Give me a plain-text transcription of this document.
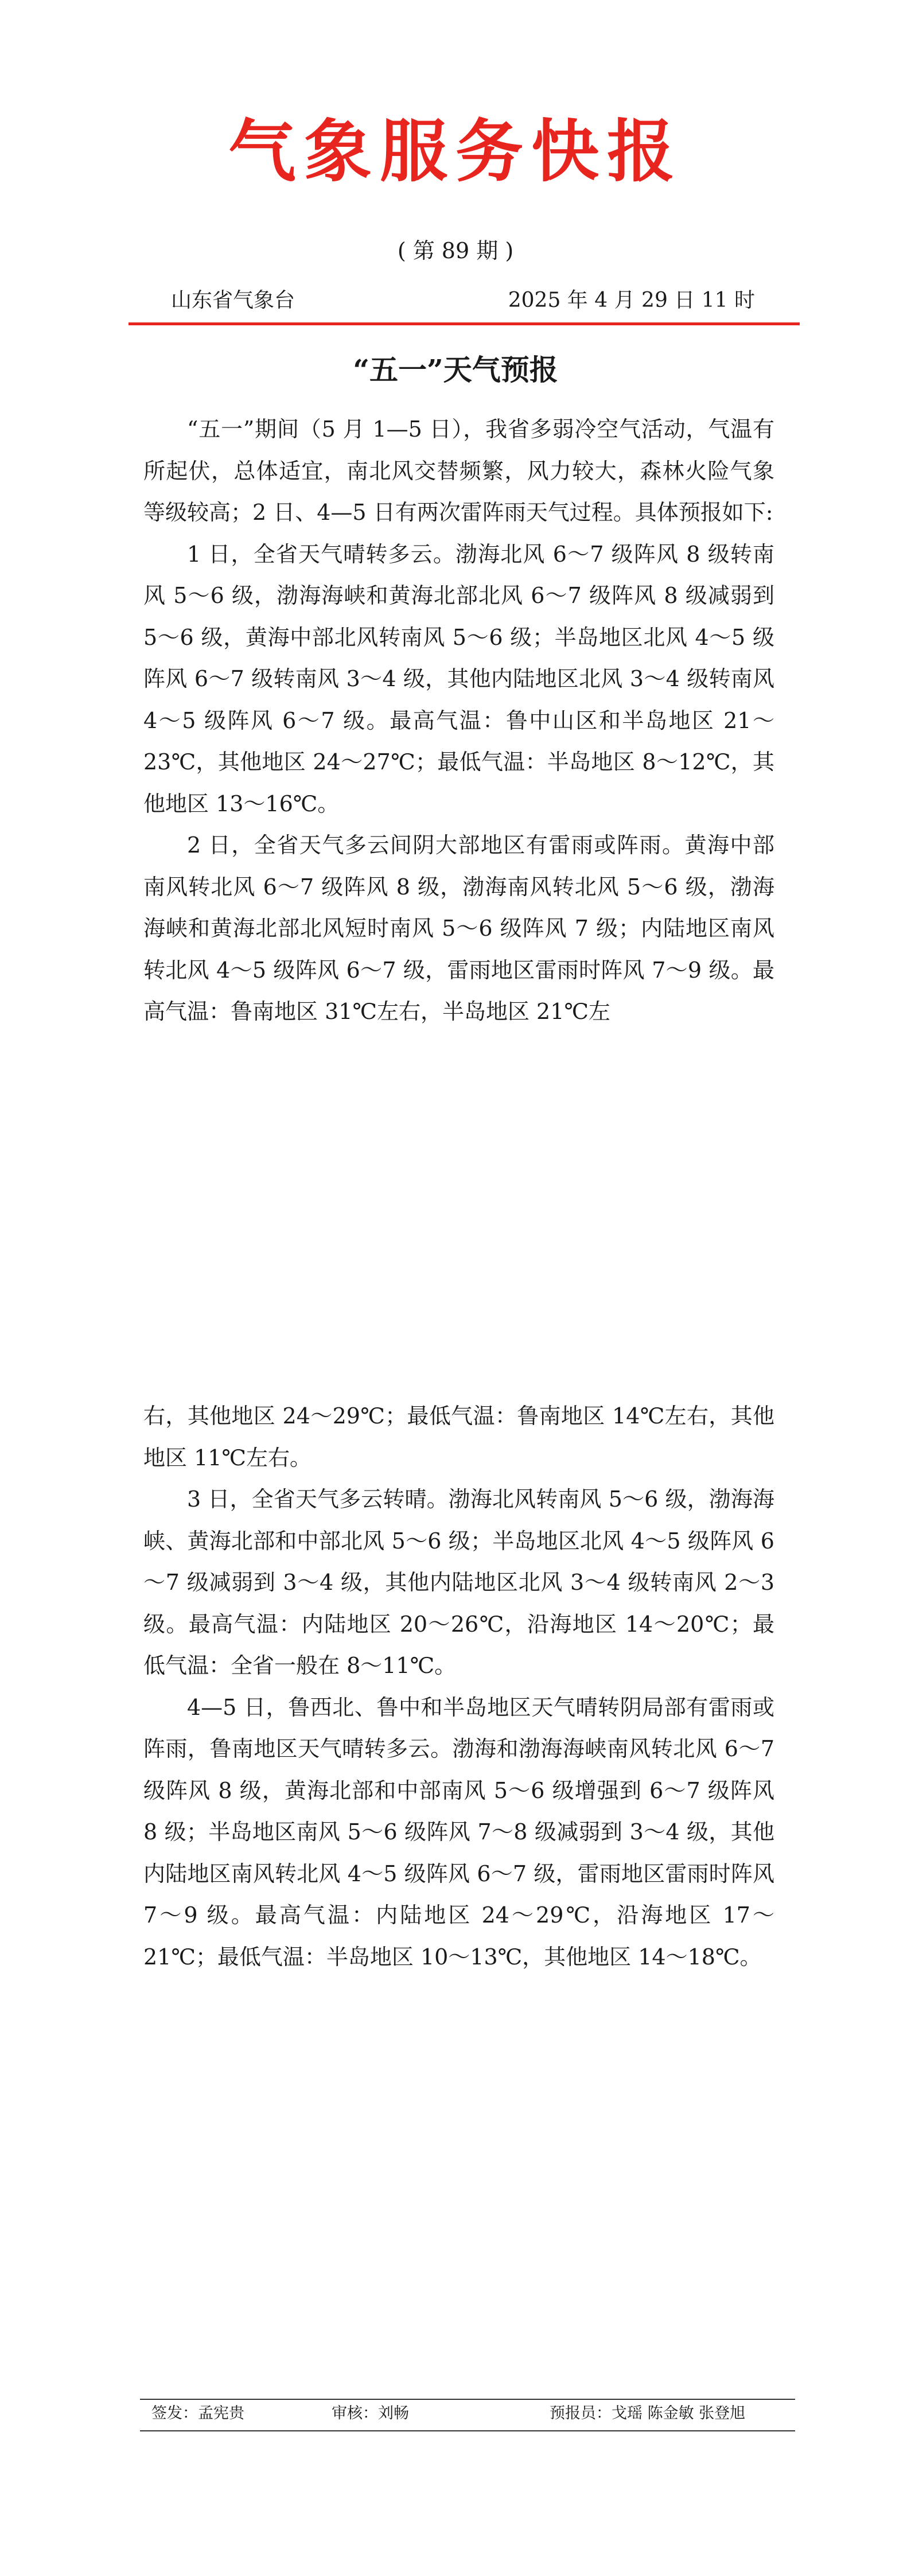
气象服务快报
( 第 89 期 )
山东省气象台	2025 年 4 月 29 日 11 时
“五一”天气预报

“五一”期间（5 月 1—5 日），我省多弱冷空气活动，气温有所起伏，总体适宜，南北风交替频繁，风力较大，森林火险气象等级较高；2 日、4—5 日有两次雷阵雨天气过程。具体预报如下:

1 日，全省天气晴转多云。渤海北风 6～7 级阵风 8 级转南风 5～6 级，渤海海峡和黄海北部北风 6～7 级阵风 8 级减弱到 5～6 级，黄海中部北风转南风 5～6 级；半岛地区北风 4～5 级阵风 6～7 级转南风 3～4 级，其他内陆地区北风 3～4 级转南风 4～5 级阵风 6～7 级。最高气温：鲁中山区和半岛地区 21～23℃，其他地区 24～27℃；最低气温：半岛地区 8～12℃，其他地区 13～16℃。

2 日，全省天气多云间阴大部地区有雷雨或阵雨。黄海中部南风转北风 6～7 级阵风 8 级，渤海南风转北风 5～6 级，渤海海峡和黄海北部北风短时南风 5～6 级阵风 7 级；内陆地区南风转北风 4～5 级阵风 6～7 级，雷雨地区雷雨时阵风 7～9 级。最高气温：鲁南地区 31℃左右，半岛地区 21℃左

右，其他地区 24～29℃；最低气温：鲁南地区 14℃左右，其他地区 11℃左右。

3 日，全省天气多云转晴。渤海北风转南风 5～6 级，渤海海峡、黄海北部和中部北风 5～6 级；半岛地区北风 4～5 级阵风 6～7 级减弱到 3～4 级，其他内陆地区北风 3～4 级转南风 2～3 级。最高气温：内陆地区 20～26℃，沿海地区 14～20℃；最低气温：全省一般在 8～11℃。

4—5 日，鲁西北、鲁中和半岛地区天气晴转阴局部有雷雨或阵雨，鲁南地区天气晴转多云。渤海和渤海海峡南风转北风 6～7 级阵风 8 级，黄海北部和中部南风 5～6 级增强到 6～7 级阵风 8 级；半岛地区南风 5～6 级阵风 7～8 级减弱到 3～4 级，其他内陆地区南风转北风 4～5 级阵风 6～7 级，雷雨地区雷雨时阵风 7～9 级。最高气温：内陆地区 24～29℃，沿海地区 17～21℃；最低气温：半岛地区 10～13℃，其他地区 14～18℃。

签发：孟宪贵	审核：刘畅	预报员：戈瑶 陈金敏 张登旭
